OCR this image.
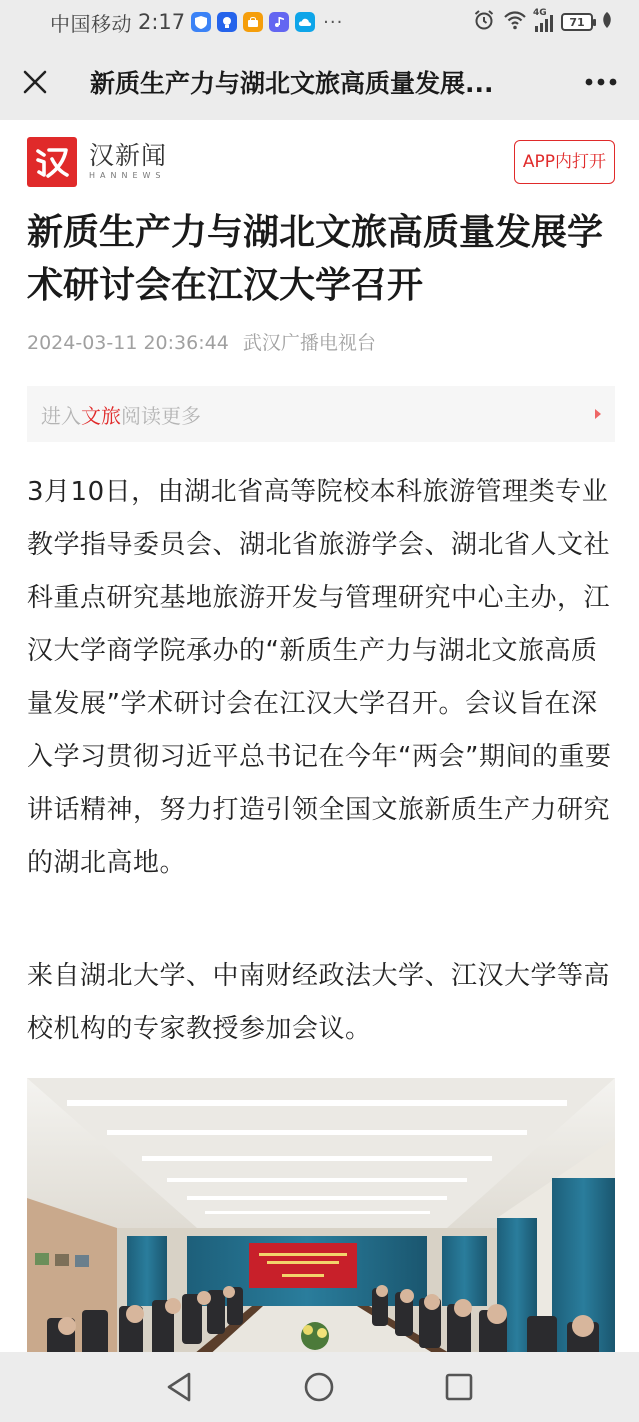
中国移动 2:17	···	4G
71
新质生产力与湖北文旅高质量发展...
汉新闻
HANNEWS
APP内打开
新质生产力与湖北文旅高质量发展学术研讨会在江汉大学召开
2024-03-11 20:36:44 武汉广播电视台
进入 文旅 阅读更多

3月10日，由湖北省高等院校本科旅游管理类专业教学指导委员会、湖北省旅游学会、湖北省人文社科重点研究基地旅游开发与管理研究中心主办，江汉大学商学院承办的“新质生产力与湖北文旅高质量发展”学术研讨会在江汉大学召开。会议旨在深入学习贯彻习近平总书记在今年“两会”期间的重要讲话精神，努力打造引领全国文旅新质生产力研究的湖北高地。

来自湖北大学、中南财经政法大学、江汉大学等高校机构的专家教授参加会议。
